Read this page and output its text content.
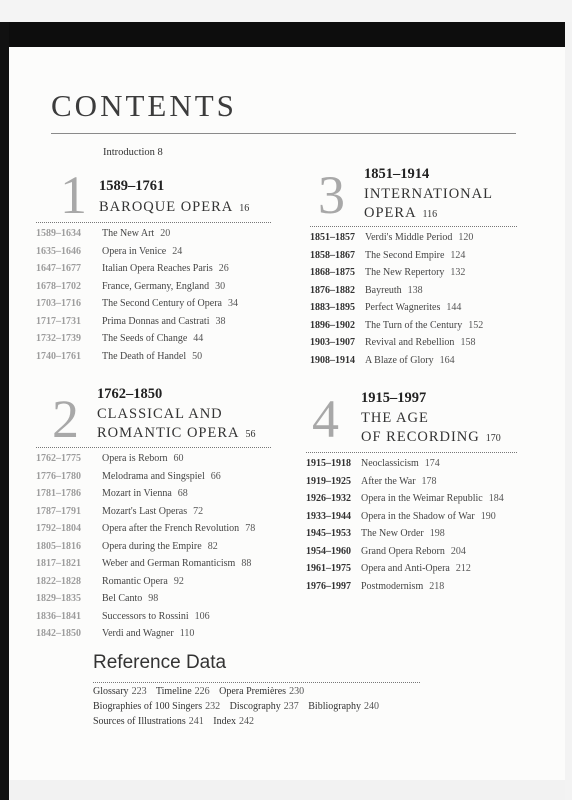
CONTENTS
Introduction 8
1 1589–1761
BAROQUE OPERA 16
1589–1634	The New Art 20
1635–1646	Opera in Venice 24
1647–1677	Italian Opera Reaches Paris 26
1678–1702	France, Germany, England 30
1703–1716	The Second Century of Opera 34
1717–1731	Prima Donnas and Castrati 38
1732–1739	The Seeds of Change 44
1740–1761	The Death of Handel 50
2 1762–1850
CLASSICAL AND
ROMANTIC OPERA 56
1762–1775	Opera is Reborn 60
1776–1780	Melodrama and Singspiel 66
1781–1786	Mozart in Vienna 68
1787–1791	Mozart's Last Operas 72
1792–1804	Opera after the French Revolution 78
1805–1816	Opera during the Empire 82
1817–1821	Weber and German Romanticism 88
1822–1828	Romantic Opera 92
1829–1835	Bel Canto 98
1836–1841	Successors to Rossini 106
1842–1850	Verdi and Wagner 110
3 1851–1914
INTERNATIONAL
OPERA 116
1851–1857	Verdi's Middle Period 120
1858–1867	The Second Empire 124
1868–1875	The New Repertory 132
1876–1882	Bayreuth 138
1883–1895	Perfect Wagnerites 144
1896–1902	The Turn of the Century 152
1903–1907	Revival and Rebellion 158
1908–1914	A Blaze of Glory 164
4 1915–1997
THE AGE
OF RECORDING 170
1915–1918	Neoclassicism 174
1919–1925	After the War 178
1926–1932	Opera in the Weimar Republic 184
1933–1944	Opera in the Shadow of War 190
1945–1953	The New Order 198
1954–1960	Grand Opera Reborn 204
1961–1975	Opera and Anti-Opera 212
1976–1997	Postmodernism 218
Reference Data
Glossary 223 Timeline 226 Opera Premières 230
Biographies of 100 Singers 232 Discography 237 Bibliography 240
Sources of Illustrations 241 Index 242
